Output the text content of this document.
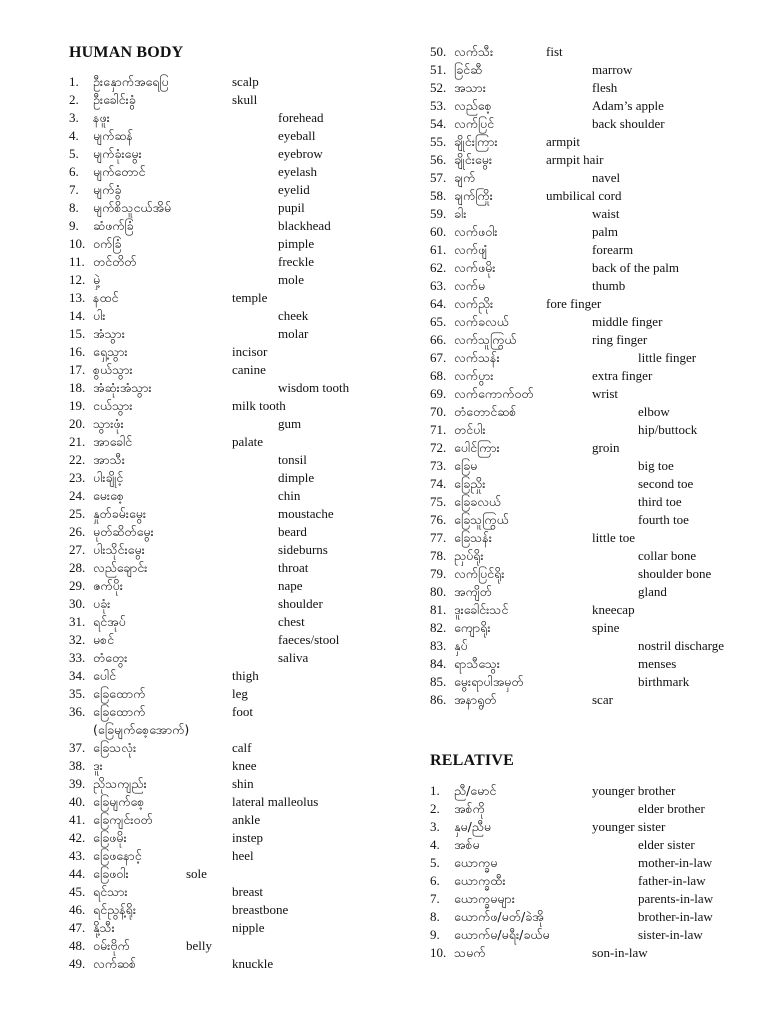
HUMAN BODY
1. ဦးနှောက်အရေပြ	scalp
2. ဦးခေါင်းခွံ	skull
3. နဖူး	forehead
4. မျက်ဆန်	eyeball
5. မျက်ခုံးမွေး	eyebrow
6. မျက်တောင်	eyelash
7. မျက်ခွံ	eyelid
8. မျက်စိသူငယ်အိမ်	pupil
9. ဆံဖက်ခြံ	blackhead
10. ဝက်ခြံ	pimple
11. တင်တိတ်	freckle
12. မှဲ့	mole
13. နထင်	temple
14. ပါး	cheek
15. အံသွား	molar
16. ရှေ့သွား	incisor
17. စွယ်သွား	canine
18. အံဆုံးအံသွား	wisdom tooth
19. ငယ်သွား	milk tooth
20. သွားဖုံး	gum
21. အာခေါင်	palate
22. အာသီး	tonsil
23. ပါးချိုင့်	dimple
24. မေးစေ့	chin
25. နှုတ်ခမ်းမွေး	moustache
26. မုတ်ဆိတ်မွေး	beard
27. ပါးသိုင်းမွေး	sideburns
28. လည်ချောင်း	throat
29. ဇက်ပိုး	nape
30. ပခုံး	shoulder
31. ရင်အုပ်	chest
32. မစင်	faeces/stool
33. တံတွေး	saliva
34. ပေါင်	thigh
35. ခြေထောက်	leg
36. ခြေထောက်	foot
(ခြေမျက်စေ့အောက်)
37. ခြေသလုံး	calf
38. ဒူး	knee
39. ညိုသကျည်း	shin
40. ခြေမျက်စေ့	lateral malleolus
41. ခြေကျင်းဝတ်	ankle
42. ခြေဖမိုး	instep
43. ခြေဖနောင့်	heel
44. ခြေဖဝါး	sole
45. ရင်သား	breast
46. ရင်ညွန့်ရိုး	breastbone
47. နို့သီး	nipple
48. ဝမ်းဗိုက်	belly
49. လက်ဆစ်	knuckle
50. လက်သီး	fist
51. ခြင်ဆီ	marrow
52. အသား	flesh
53. လည်စေ့	Adam’s apple
54. လက်ပြင်	back shoulder
55. ချိုင်းကြား	armpit
56. ချိုင်းမွေး	armpit hair
57. ချက်	navel
58. ချက်ကြိုး	umbilical cord
59. ခါး	waist
60. လက်ဖဝါး	palm
61. လက်ဖျံ	forearm
62. လက်ဖမိုး	back of the palm
63. လက်မ	thumb
64. လက်ညိုး	fore finger
65. လက်ခလယ်	middle finger
66. လက်သူကြွယ်	ring finger
67. လက်သန်း	little finger
68. လက်ပွား	extra finger
69. လက်ကောက်ဝတ်	wrist
70. တံတောင်ဆစ်	elbow
71. တင်ပါး	hip/buttock
72. ပေါင်ကြား	groin
73. ခြေမ	big toe
74. ခြေညှိုး	second toe
75. ခြေခလယ်	third toe
76. ခြေသူကြွယ်	fourth toe
77. ခြေသန်း	little toe
78. ညှပ်ရိုး	collar bone
79. လက်ပြင်ရိုး	shoulder bone
80. အကျိတ်	gland
81. ဒူးခေါင်းသင်	kneecap
82. ကျောရိုး	spine
83. နှပ်	nostril discharge
84. ရာသီသွေး	menses
85. မွေးရာပါအမှတ်	birthmark
86. အနာရွတ်	scar
RELATIVE
1. ညီ/မောင်	younger brother
2. အစ်ကို	elder brother
3. နှမ/ညီမ	younger sister
4. အစ်မ	elder sister
5. ယောက္ခမ	mother-in-law
6. ယောက္ခထီး	father-in-law
7. ယောက္ခမများ	parents-in-law
8. ယောက်ဖ/မတ်/ခဲအို	brother-in-law
9. ယောက်မ/မရီး/ခယ်မ	sister-in-law
10. သမက်	son-in-law
